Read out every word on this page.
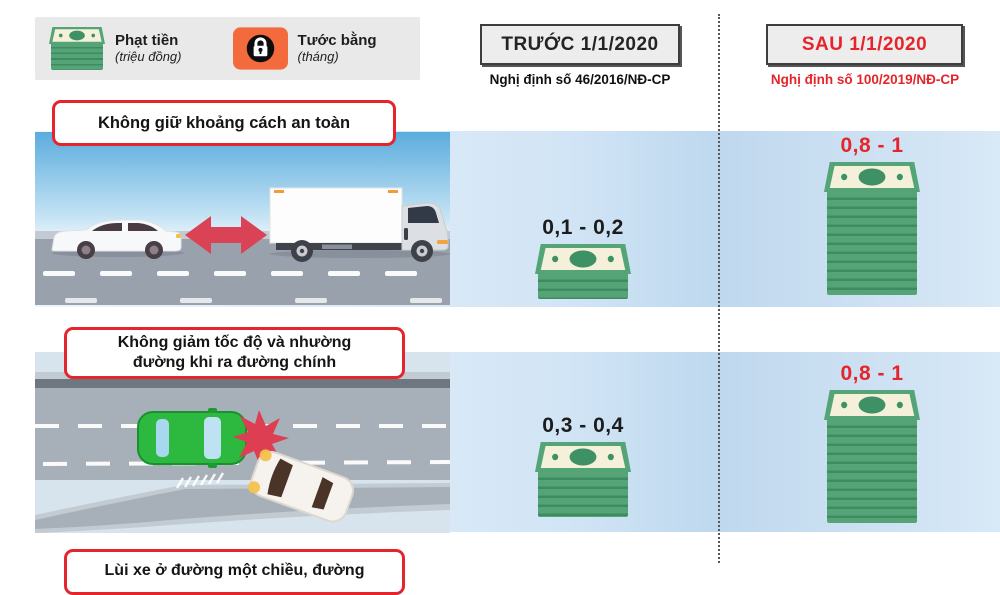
Phạt tiền
(triệu đồng)
Tước bằng
(tháng)
TRƯỚC 1/1/2020
Nghị định số 46/2016/NĐ-CP
SAU 1/1/2020
Nghị định số 100/2019/NĐ-CP
Không giữ khoảng cách an toàn
Không giảm tốc độ và nhường đường khi ra đường chính
Lùi xe ở đường một chiều, đường
0,1 - 0,2
0,8 - 1
0,3 - 0,4
0,8 - 1
